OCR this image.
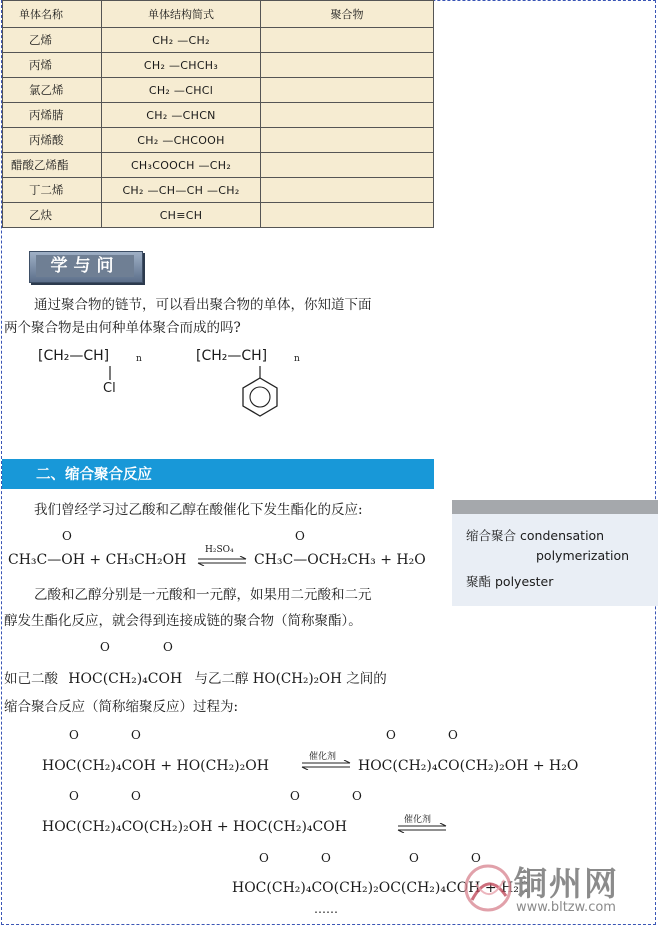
单体名称	单体结构简式	聚合物
乙烯	CH₂ —CH₂	
丙烯	CH₂ —CHCH₃	
氯乙烯	CH₂ —CHCl	
丙烯腈	CH₂ —CHCN	
丙烯酸	CH₂ —CHCOOH	
醋酸乙烯酯	CH₃COOCH —CH₂	
丁二烯	CH₂ —CH—CH —CH₂	
乙炔	CH≡CH	
学与问
通过聚合物的链节，可以看出聚合物的单体，你知道下面
两个聚合物是由何种单体聚合而成的吗?
[CH₂—CH]	n
Cl
[CH₂—CH]	n
二、缩合聚合反应
缩合聚合 condensation
polymerization
聚酯 polyester
我们曾经学习过乙酸和乙醇在酸催化下发生酯化的反应:
O	O
CH₃C—OH + CH₃CH₂OH
H₂SO₄
CH₃C—OCH₂CH₃ + H₂O
乙酸和乙醇分别是一元酸和一元醇，如果用二元酸和二元
醇发生酯化反应，就会得到连接成链的聚合物（简称聚酯）。
O	O
如己二酸 HOC(CH₂)₄COH 与乙二醇 HO(CH₂)₂OH 之间的
缩合聚合反应（简称缩聚反应）过程为:
O	O	O	O
HOC(CH₂)₄COH + HO(CH₂)₂OH
催化剂
HOC(CH₂)₄CO(CH₂)₂OH + H₂O
O	O	O	O
HOC(CH₂)₄CO(CH₂)₂OH + HOC(CH₂)₄COH	催化剂
O	O	O	O
HOC(CH₂)₄CO(CH₂)₂OC(CH₂)₄COH + H₂O
……
铜州网
www.bltzw.com
